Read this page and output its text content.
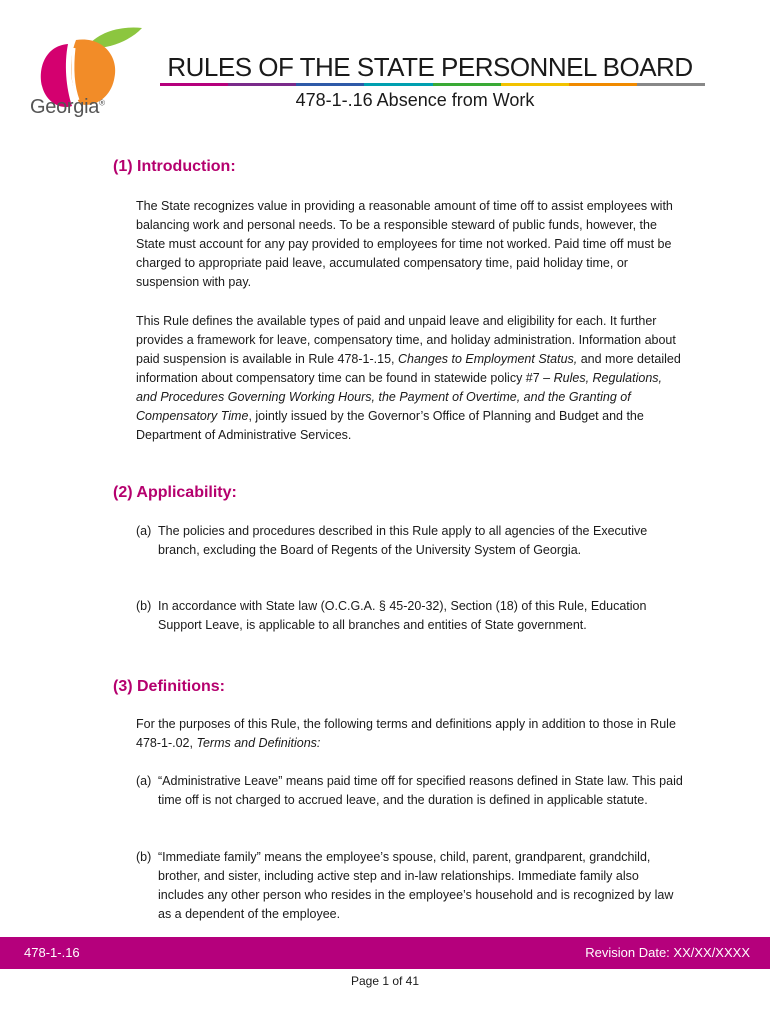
Georgia®
RULES OF THE STATE PERSONNEL BOARD
478-1-.16 Absence from Work
(1) Introduction:
The State recognizes value in providing a reasonable amount of time off to assist employees with balancing work and personal needs. To be a responsible steward of public funds, however, the State must account for any pay provided to employees for time not worked. Paid time off must be charged to appropriate paid leave, accumulated compensatory time, paid holiday time, or suspension with pay.
This Rule defines the available types of paid and unpaid leave and eligibility for each. It further provides a framework for leave, compensatory time, and holiday administration. Information about paid suspension is available in Rule 478-1-.15, Changes to Employment Status, and more detailed information about compensatory time can be found in statewide policy #7 – Rules, Regulations, and Procedures Governing Working Hours, the Payment of Overtime, and the Granting of Compensatory Time, jointly issued by the Governor’s Office of Planning and Budget and the Department of Administrative Services.
(2) Applicability:
(a) The policies and procedures described in this Rule apply to all agencies of the Executive branch, excluding the Board of Regents of the University System of Georgia.
(b) In accordance with State law (O.C.G.A. § 45-20-32), Section (18) of this Rule, Education Support Leave, is applicable to all branches and entities of State government.
(3) Definitions:
For the purposes of this Rule, the following terms and definitions apply in addition to those in Rule 478-1-.02, Terms and Definitions:
(a) “Administrative Leave” means paid time off for specified reasons defined in State law. This paid time off is not charged to accrued leave, and the duration is defined in applicable statute.
(b) “Immediate family” means the employee’s spouse, child, parent, grandparent, grandchild, brother, and sister, including active step and in-law relationships. Immediate family also includes any other person who resides in the employee’s household and is recognized by law as a dependent of the employee.
478-1-.16	Revision Date: XX/XX/XXXX
Page 1 of 41
